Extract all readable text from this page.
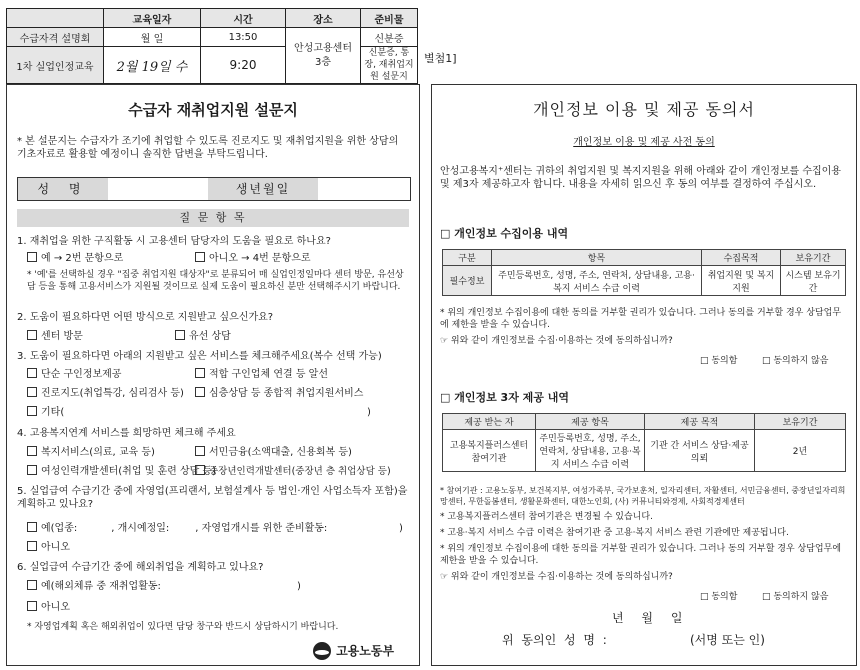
	교육일자	시간	장소	준비물
수급자격 설명회	월 일	13:50	안성고용센터 3층	신분증
1차 실업인정교육	2월 19일 수	9:20		신분증, 통장, 재취업지원 설문지
별첨1]
수급자 재취업지원 설문지
* 본 설문지는 수급자가 조기에 취업할 수 있도록 진로지도 및 재취업지원을 위한 상담의 기초자료로 활용할 예정이니 솔직한 답변을 부탁드립니다.
성 명	생년월일
질 문 항 목
1. 재취업을 위한 구직활동 시 고용센터 담당자의 도움을 필요로 하나요?
예 → 2번 문항으로	아니오 → 4번 문항으로
* '예'를 선택하실 경우 "집중 취업지원 대상자"로 분류되어 매 실업인정일마다 센터 방문, 유선상담 등을 통해 고용서비스가 지원될 것이므로 실제 도움이 필요하신 분만 선택해주시기 바랍니다.
2. 도움이 필요하다면 어떤 방식으로 지원받고 싶으신가요?
센터 방문	유선 상담
3. 도움이 필요하다면 아래의 지원받고 싶은 서비스를 체크해주세요(복수 선택 가능)
단순 구인정보제공	적합 구인업체 연결 등 알선
진로지도(취업특강, 심리검사 등)	심층상담 등 종합적 취업지원서비스
기타(	)
4. 고용복지연계 서비스를 희망하면 체크해 주세요
복지서비스(의료, 교육 등)	서민금융(소액대출, 신용회복 등)
여성인력개발센터(취업 및 훈련 상담 등)
중장년인력개발센터(중장년 층 취업상담 등)
5. 실업급여 수급기간 중에 자영업(프리랜서, 보험설계사 등 법인·개인 사업소득자 포함)을 계획하고 있나요?
예(업종:	, 개시예정일:	, 자영업개시를 위한 준비활동:	)
아니오
6. 실업급여 수급기간 중에 해외취업을 계획하고 있나요?
예(해외체류 중 재취업활동:	)
아니오
* 자영업계획 혹은 해외취업이 있다면 담당 창구와 반드시 상담하시기 바랍니다.
고용노동부
개인정보 이용 및 제공 동의서
개인정보 이용 및 제공 사전 동의
안성고용복지⁺센터는 귀하의 취업지원 및 복지지원을 위해 아래와 같이 개인정보를 수집이용 및 제3자 제공하고자 합니다. 내용을 자세히 읽으신 후 동의 여부를 결정하여 주십시오.
□ 개인정보 수집이용 내역
구분	항목	수집목적	보유기간
필수정보	주민등록번호, 성명, 주소, 연락처, 상담내용, 고용·복지 서비스 수급 이력	취업지원 및 복지지원	시스템 보유기간
* 위의 개인정보 수집이용에 대한 동의를 거부할 권리가 있습니다. 그러나 동의를 거부할 경우 상담업무에 제한을 받을 수 있습니다.
☞ 위와 같이 개인정보를 수집·이용하는 것에 동의하십니까?
□ 동의함	□ 동의하지 않음
□ 개인정보 3자 제공 내역
제공 받는 자	제공 항목	제공 목적	보유기간
고용복지플러스센터 참여기관	주민등록번호, 성명, 주소, 연락처, 상담내용, 고용·복지 서비스 수급 이력	기관 간 서비스 상담·제공 의뢰	2년
* 참여기관 : 고용노동부, 보건복지부, 여성가족부, 국가보훈처, 일자리센터, 자활센터, 서민금융센터, 중장년일자리희망센터, 무한돌봄센터, 생활문화센터, 대한노인회, (사) 커뮤니티와경제, 사회적경제센터
* 고용복지플러스센터 참여기관은 변경될 수 있습니다.
* 고용·복지 서비스 수급 이력은 참여기관 중 고용·복지 서비스 관련 기관에만 제공됩니다.
* 위의 개인정보 수집이용에 대한 동의를 거부할 권리가 있습니다. 그러나 동의 거부할 경우 상담업무에 제한을 받을 수 있습니다.
☞ 위와 같이 개인정보를 수집·이용하는 것에 동의하십니까?
□ 동의함	□ 동의하지 않음
년 월 일
위 동의인 성 명 :	(서명 또는 인)
